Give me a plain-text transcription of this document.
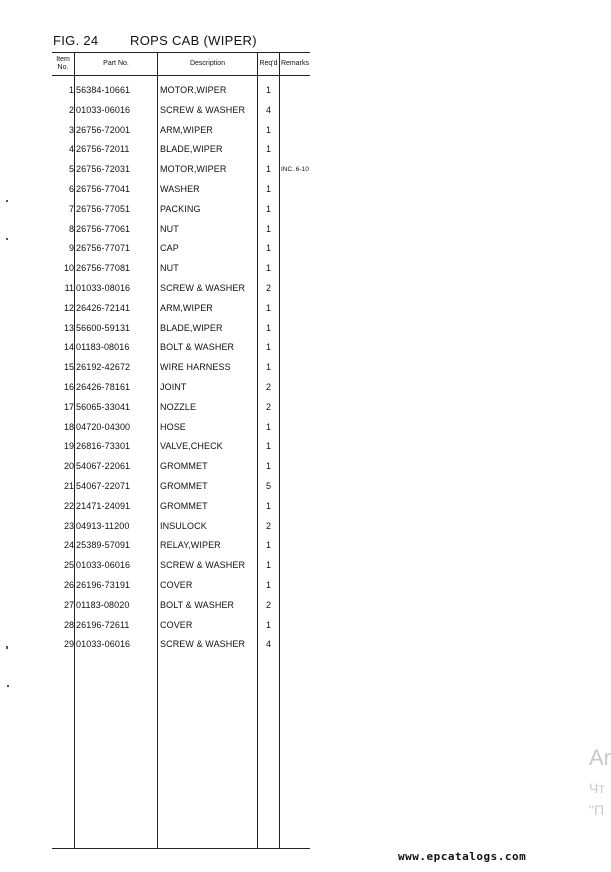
FIG. 24 ROPS CAB (WIPER)
Item
No.
Part No.	Description	Req'd Remarks
1 56384-10661	MOTOR,WIPER	1
2 01033-06016	SCREW & WASHER	4
3 26756-72001	ARM,WIPER	1
4 26756-72011	BLADE,WIPER	1
5 26756-72031	MOTOR,WIPER	1	INC. 6-10
6 26756-77041	WASHER	1
7 26756-77051	PACKING	1
8 26756-77061	NUT	1
9 26756-77071	CAP	1
10 26756-77081	NUT	1
11 01033-08016	SCREW & WASHER	2
12 26426-72141	ARM,WIPER	1
13 56600-59131	BLADE,WIPER	1
14 01183-08016	BOLT & WASHER	1
15 26192-42672	WIRE HARNESS	1
16 26426-78161	JOINT	2
17 56065-33041	NOZZLE	2
18 04720-04300	HOSE	1
19 26816-73301	VALVE,CHECK	1
20 54067-22061	GROMMET	1
21 54067-22071	GROMMET	5
22 21471-24091	GROMMET	1
23 04913-11200	INSULOCK	2
24 25389-57091	RELAY,WIPER	1
25 01033-06016	SCREW & WASHER	1
26 26196-73191	COVER	1
27 01183-08020	BOLT & WASHER	2
28 26196-72611	COVER	1
29 01033-06016	SCREW & WASHER	4
Ar
Чт
"П
www.epcatalogs.com
